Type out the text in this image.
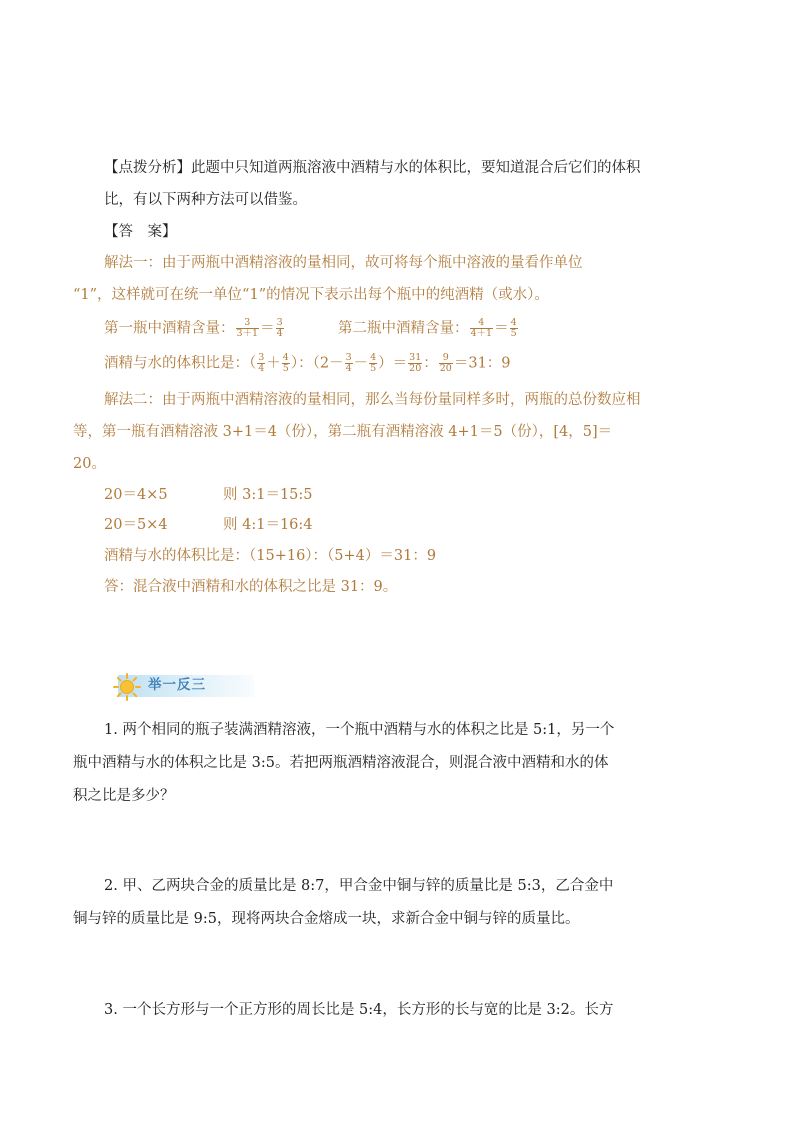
【点拨分析】此题中只知道两瓶溶液中酒精与水的体积比，要知道混合后它们的体积
比，有以下两种方法可以借鉴。
【答　案】
解法一：由于两瓶中酒精溶液的量相同，故可将每个瓶中溶液的量看作单位
“1”，这样就可在统一单位“1”的情况下表示出每个瓶中的纯酒精（或水）。
第一瓶中酒精含量： $\frac{3}{3+1} = \frac{3}{4}$	第二瓶中酒精含量： $\frac{4}{4+1} = \frac{4}{5}$
酒精与水的体积比是：（ $\frac{3}{4} + \frac{4}{5}$ ）：（$2- \frac{3}{4} - \frac{4}{5}$ ）＝ $\frac{31}{20}$ ： $\frac{9}{20} =31$：9
解法二：由于两瓶中酒精溶液的量相同，那么当每份量同样多时，两瓶的总份数应相
等，第一瓶有酒精溶液 3+1＝4（份），第二瓶有酒精溶液 4+1＝5（份），[4，5]＝
20。
20＝4×5	则 3:1＝15:5
20＝5×4	则 4:1＝16:4
酒精与水的体积比是：（15+16）：（5+4）＝31：9
答：混合液中酒精和水的体积之比是 31：9。
举一反三
1. 两个相同的瓶子装满酒精溶液，一个瓶中酒精与水的体积之比是 5:1，另一个
瓶中酒精与水的体积之比是 3:5。若把两瓶酒精溶液混合，则混合液中酒精和水的体
积之比是多少？
2. 甲、乙两块合金的质量比是 8:7，甲合金中铜与锌的质量比是 5:3，乙合金中
铜与锌的质量比是 9:5，现将两块合金熔成一块，求新合金中铜与锌的质量比。
3. 一个长方形与一个正方形的周长比是 5:4，长方形的长与宽的比是 3:2。长方
